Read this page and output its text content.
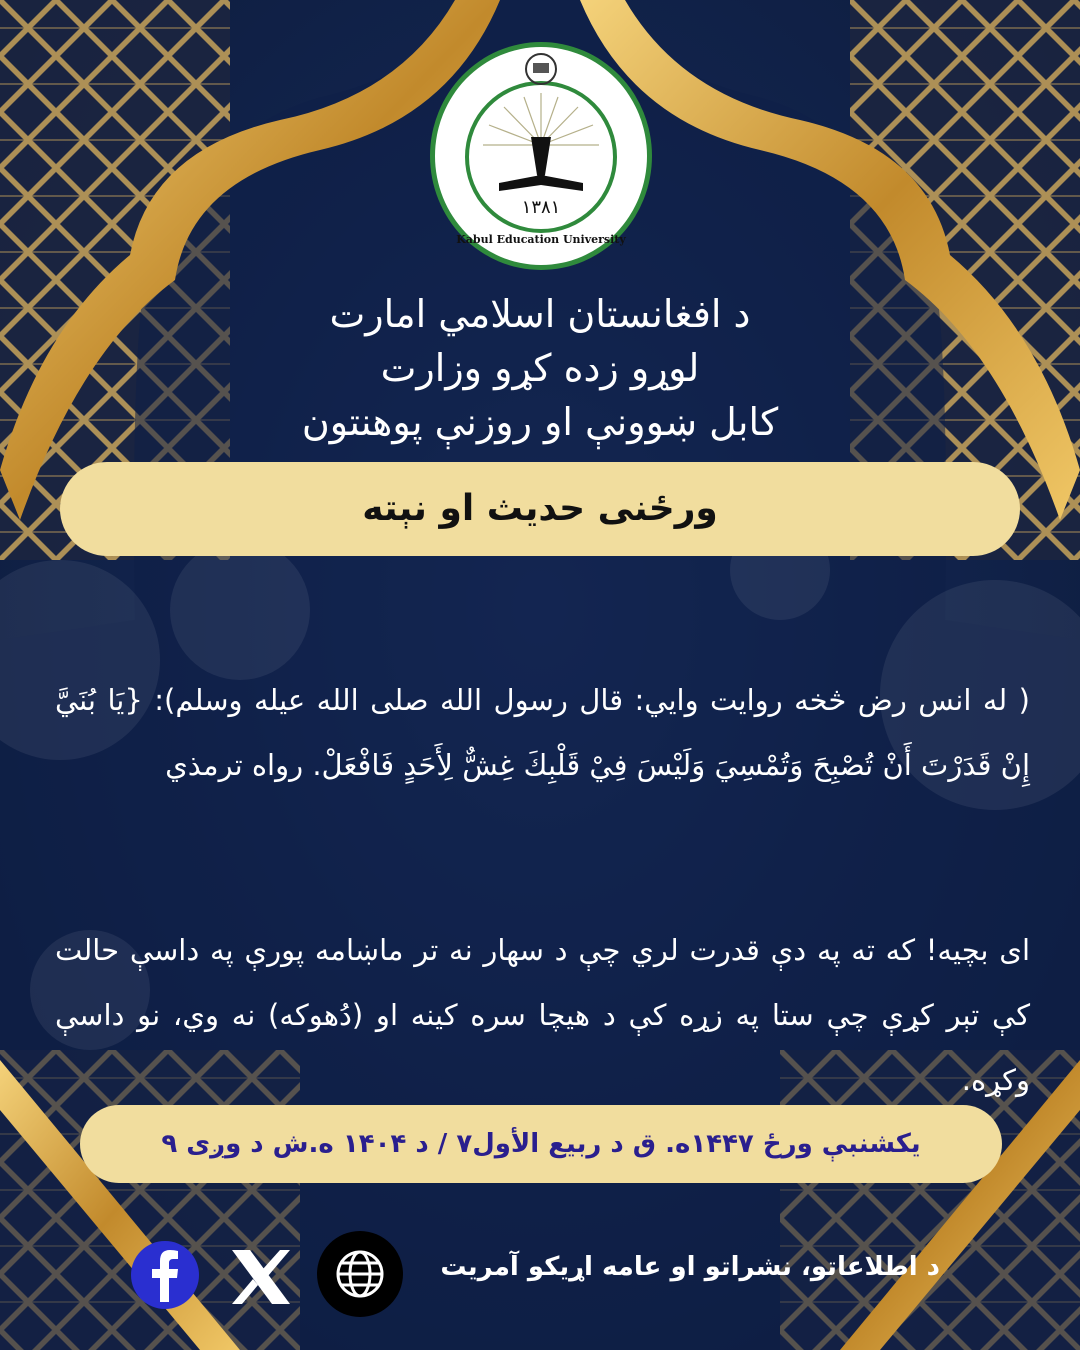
١٣٨١
Kabul Education University
د افغانستان اسلامي امارت
لوړو زده کړو وزارت
کابل ښوونې او روزنې پوهنتون
ورځنی حدیث او نېته
( له انس رض څخه روايت وايي: قال رسول الله صلى الله عيله وسلم): {يَا بُنَيَّ إِنْ قَدَرْتَ أَنْ تُصْبِحَ وَتُمْسِيَ وَلَيْسَ فِيْ قَلْبِكَ غِشٌّ لِأَحَدٍ فَافْعَلْ. رواه ترمذي
ای بچیه! که ته په دې قدرت لري چې د سهار نه تر ماښامه پورې په داسې حالت کې تېر کړې چې ستا په زړه کې د هيچا سره کينه او (دُهوکه) نه وي، نو داسې وکړه.
یکشنبې ورځ ۱۴۴۷ه. ق د ربيع الأول۷ / د ۱۴۰۴ ه.ش د وږی ۹
د اطلاعاتو، نشراتو او عامه اړيکو آمريت
